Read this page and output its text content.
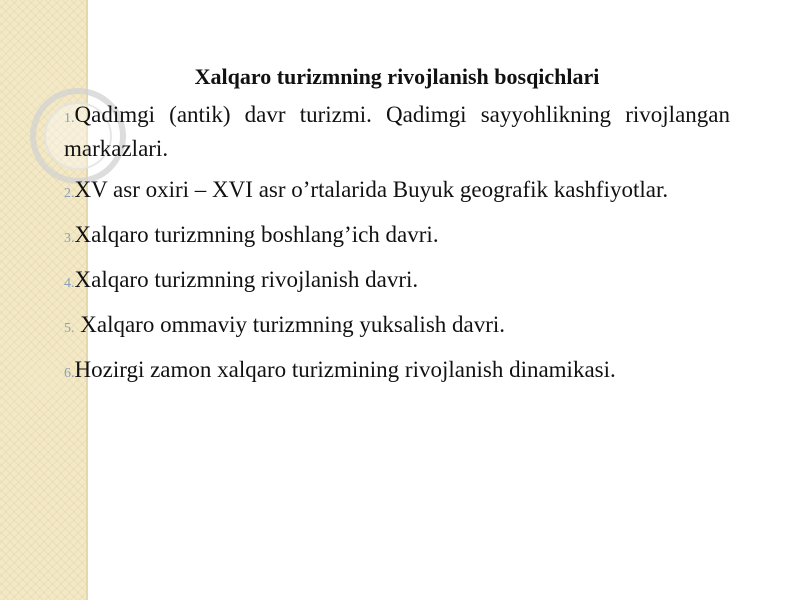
Xalqaro turizmning rivojlanish bosqichlari

1.Qadimgi (antik) davr turizmi. Qadimgi sayyohlikning rivojlangan markazlari.

2.XV asr oxiri – XVI asr o’rtalarida Buyuk geografik kashfiyotlar.

3.Xalqaro turizmning boshlang’ich davri.

4.Xalqaro turizmning rivojlanish davri.

5. Xalqaro ommaviy turizmning yuksalish davri.

6.Hozirgi zamon xalqaro turizmining rivojlanish dinamikasi.
